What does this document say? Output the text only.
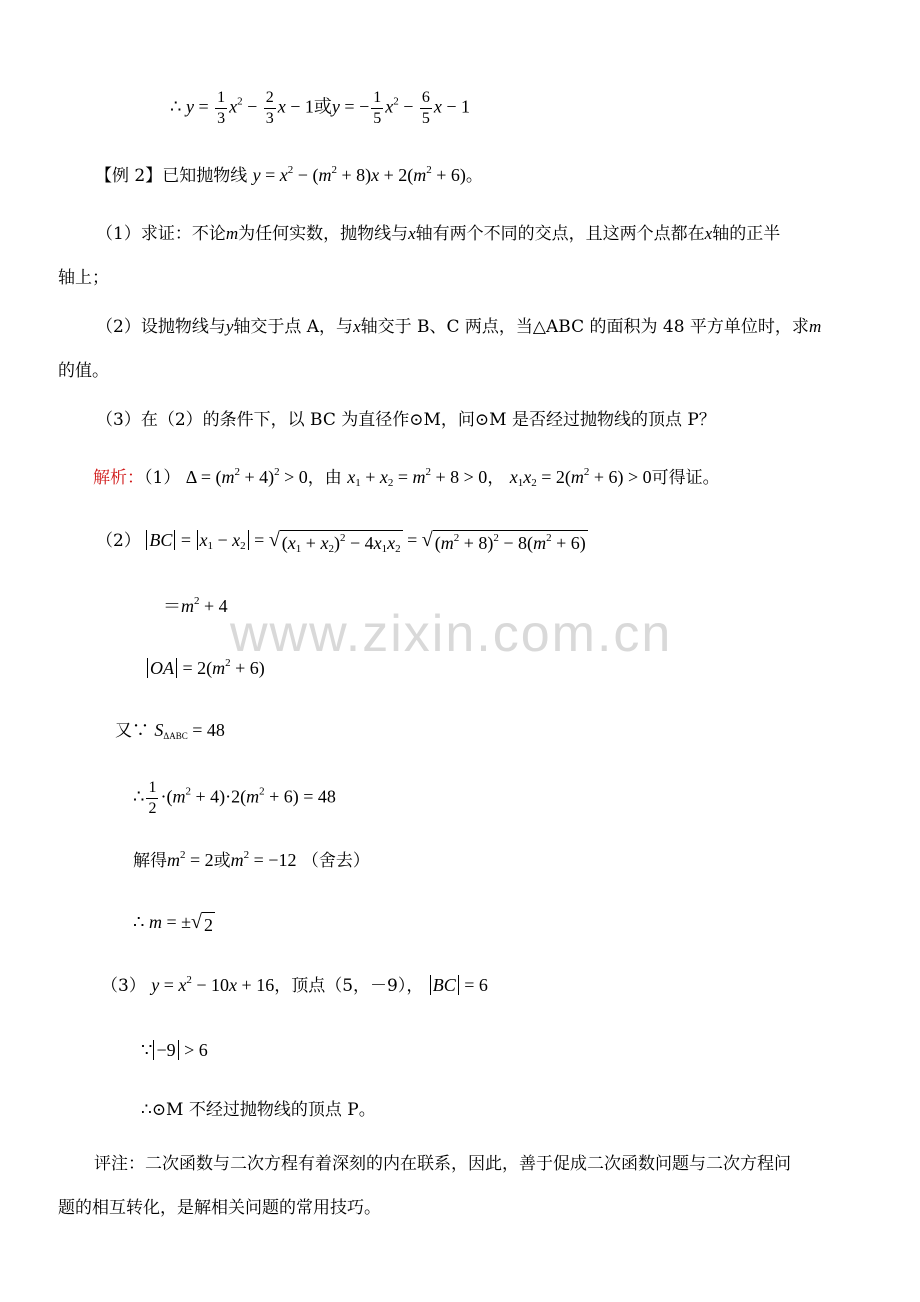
www.zixin.com.cn
∴ $y = \frac{1}{3} x^2 - \frac{2}{3}$ x − 1或y = − $\frac{1}{5} x^2 - \frac{6}{5}$ x − 1
【例 2】已知抛物线 $y = x^2 - (m^2 + 8)x + 2(m^2 + 6)$。
（1）求证：不论m为任何实数，抛物线与x轴有两个不同的交点，且这两个点都在x轴的正半
轴上；
（2）设抛物线与y轴交于点 A，与x轴交于 B、C 两点，当△ABC 的面积为 48 平方单位时，求m
的值。
（3）在（2）的条件下，以 BC 为直径作⊙M，问⊙M 是否经过抛物线的顶点 P？
解析：（1） $\Delta = (m^2 + 4)^2 > 0$，由 $x_1 + x_2 = m^2 + 8 > 0$， $x_1x_2 = 2(m^2 + 6) > 0$可得证。
（2） BC = $x_1 - x_2$ = √ $(x_1 + x_2)^2 - 4x_1x_2$ = √ $(m^2 + 8)^2 - 8(m^2 + 6)$
$=m^2 + 4$
OA = $2(m^2 + 6)$
又∵ $S_{\Delta ABC} = 48$
∴ $\frac{1}{2} \cdot(m^2 + 4)\cdot 2(m^2 + 6) = 48$
解得$m^2 = 2$或$m^2 = -12$ （舍去）
∴ m = ± √ 2
（3） $y = x^2 - 10x + 16$，顶点（5，－9）， BC = 6
∵ −9 > 6
∴⊙M 不经过抛物线的顶点 P。
评注：二次函数与二次方程有着深刻的内在联系，因此，善于促成二次函数问题与二次方程问
题的相互转化，是解相关问题的常用技巧。
